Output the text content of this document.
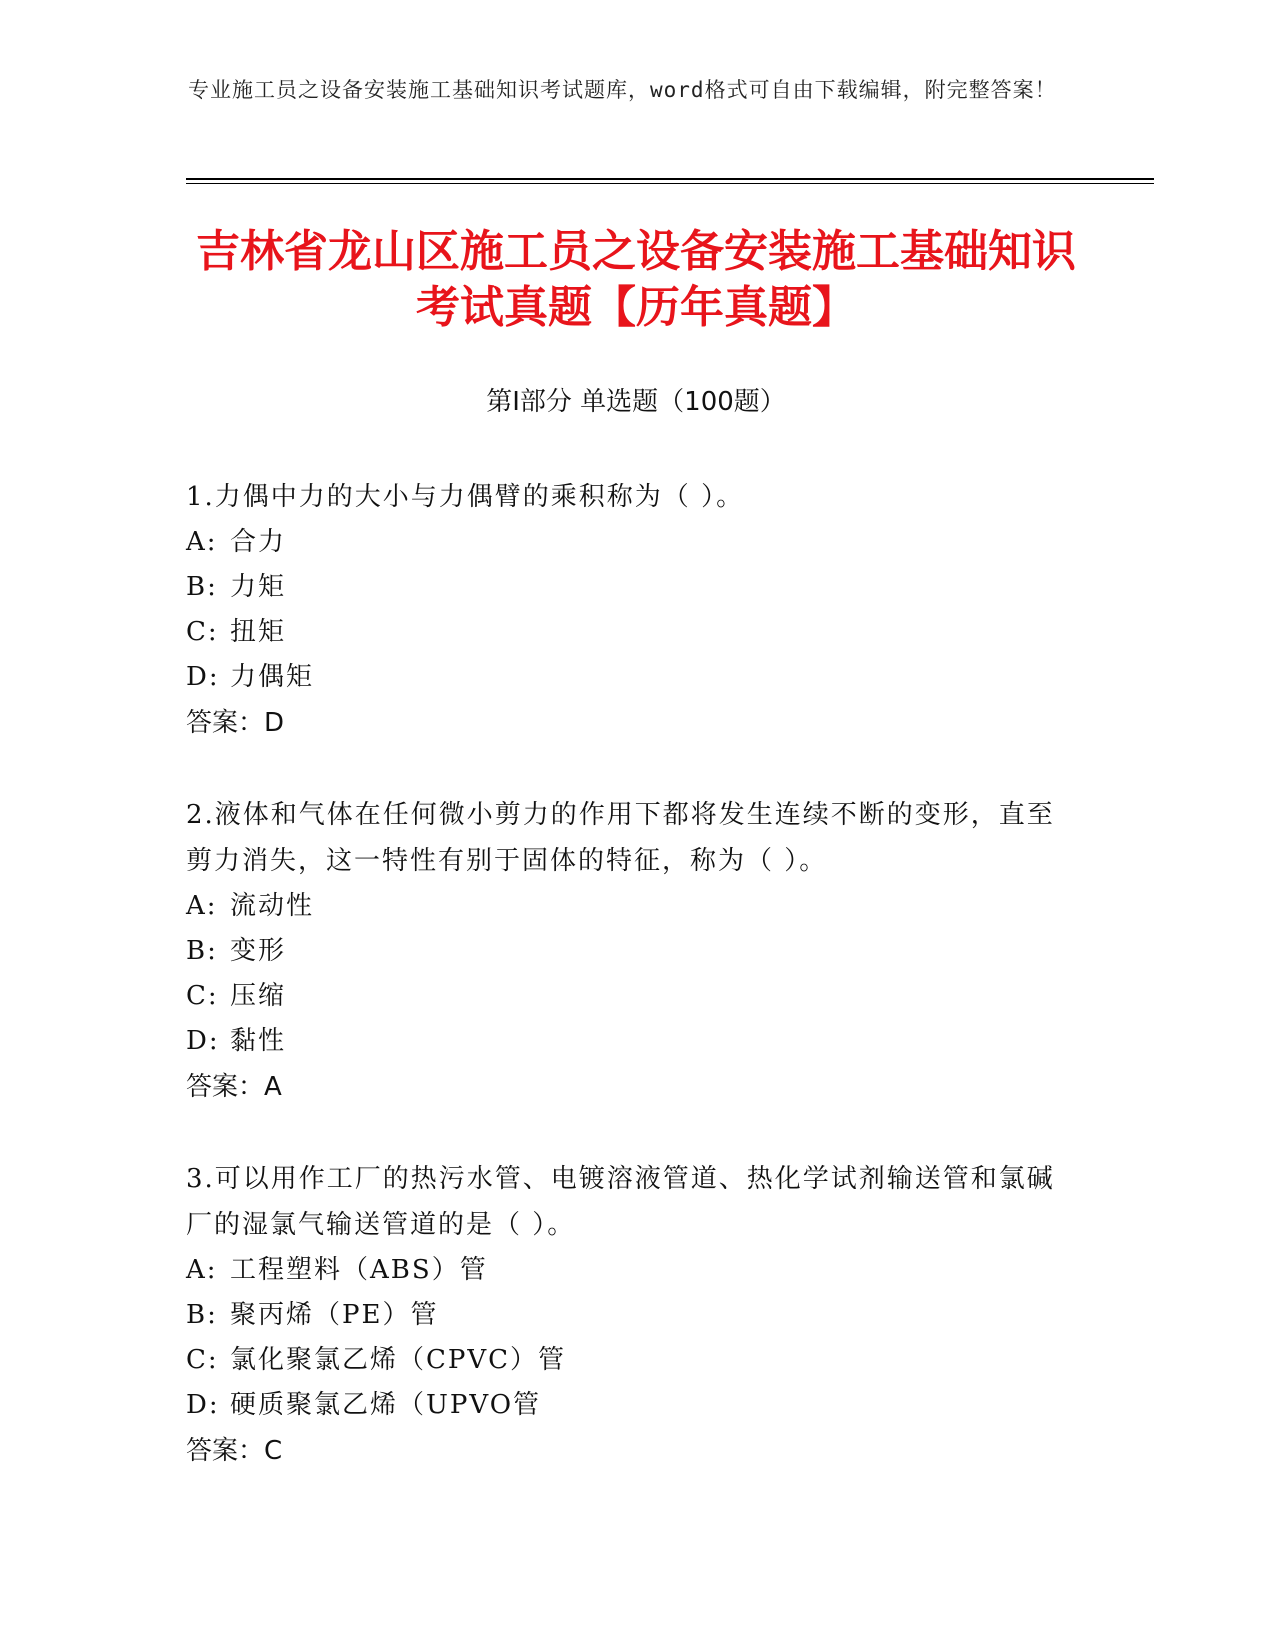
专业施工员之设备安装施工基础知识考试题库，word格式可自由下载编辑，附完整答案！
吉林省龙山区施工员之设备安装施工基础知识考试真题【历年真题】
第Ⅰ部分 单选题（100题）

1.力偶中力的大小与力偶臂的乘积称为（ ）。

A: 合力

B: 力矩

C: 扭矩

D: 力偶矩

答案：D

2.液体和气体在任何微小剪力的作用下都将发生连续不断的变形，直至剪力消失，这一特性有别于固体的特征，称为（ ）。

A: 流动性

B: 变形

C: 压缩

D: 黏性

答案：A

3.可以用作工厂的热污水管、电镀溶液管道、热化学试剂输送管和氯碱厂的湿氯气输送管道的是（ ）。

A: 工程塑料（ABS）管

B: 聚丙烯（PE）管

C: 氯化聚氯乙烯（CPVC）管

D: 硬质聚氯乙烯（UPVO管

答案：C
